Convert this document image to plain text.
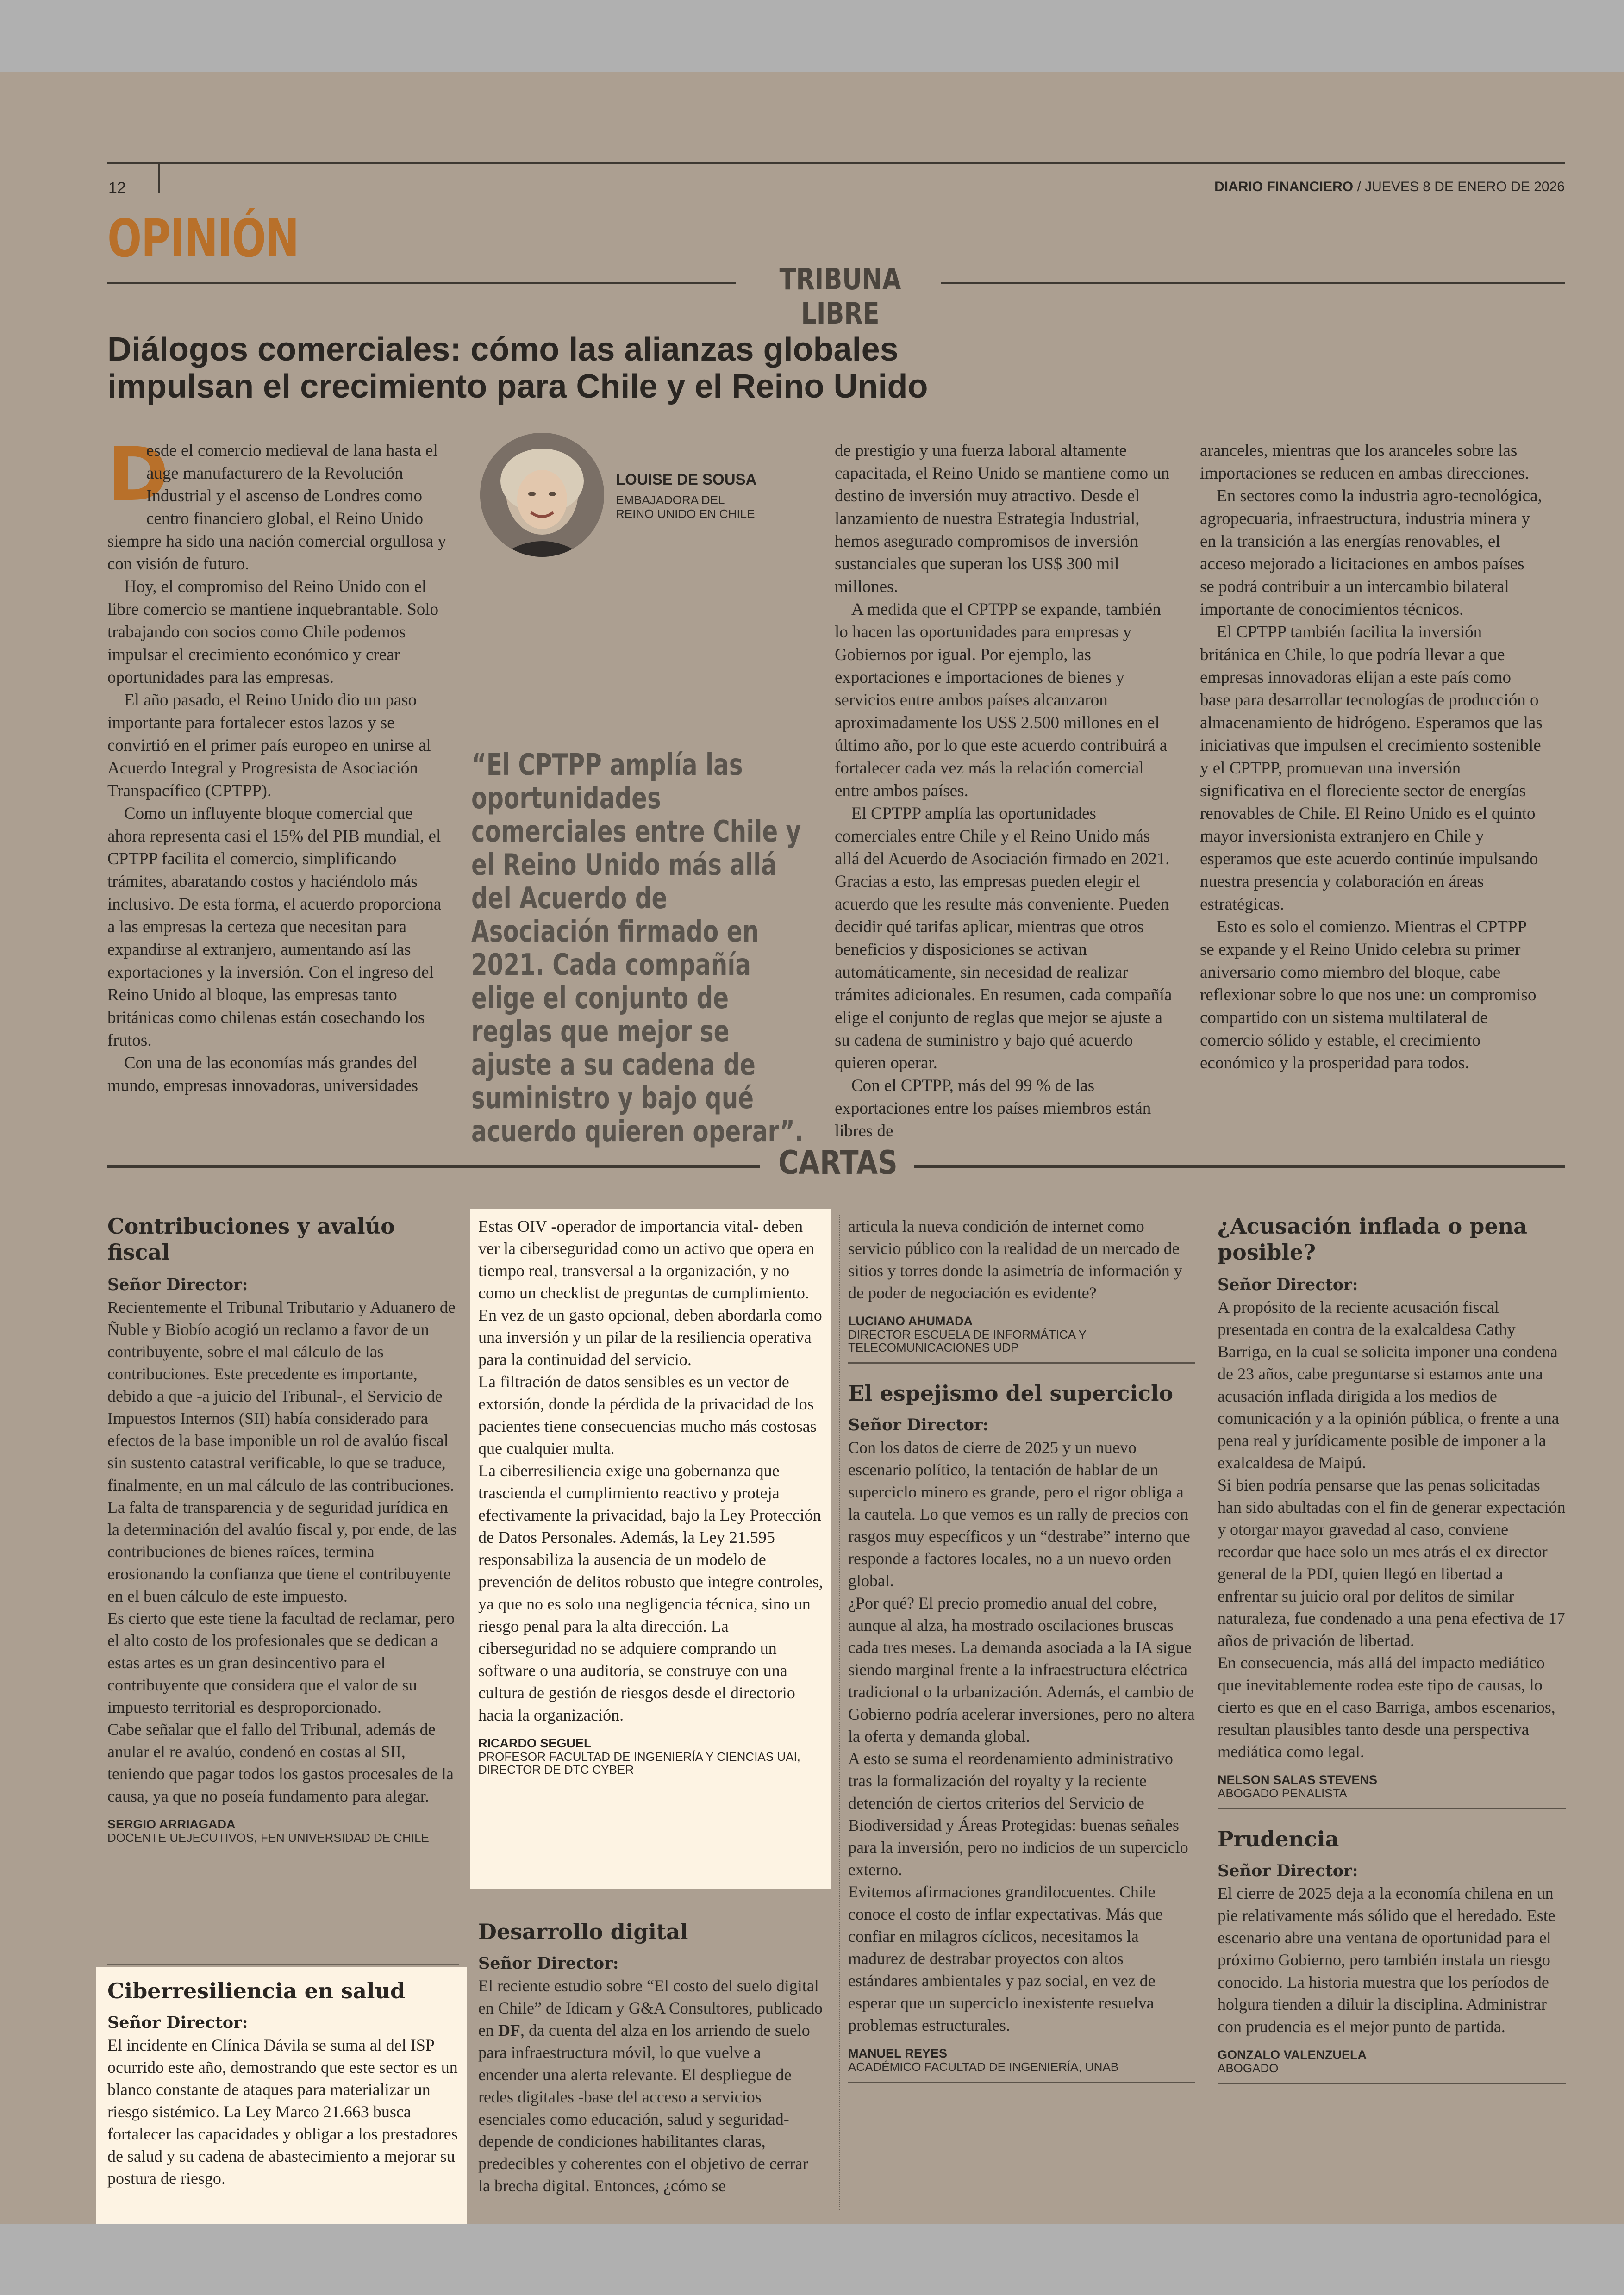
12	DIARIO FINANCIERO / JUEVES 8 DE ENERO DE 2026
OPINIÓN
TRIBUNA LIBRE
Diálogos comerciales: cómo las alianzas globales
impulsan el crecimiento para Chile y el Reino Unido

D
esde el comercio medieval de lana hasta el auge manufacturero de la Revolución Industrial y el ascenso de Londres como centro financiero global, el Reino Unido siempre ha sido una nación comercial orgullosa y con visión de futuro.

Hoy, el compromiso del Reino Unido con el libre comercio se mantiene inquebrantable. Solo trabajando con socios como Chile podemos impulsar el crecimiento económico y crear oportunidades para las empresas.

El año pasado, el Reino Unido dio un paso importante para fortalecer estos lazos y se convirtió en el primer país europeo en unirse al Acuerdo Integral y Progresista de Asociación Transpacífico (CPTPP).

Como un influyente bloque comercial que ahora representa casi el 15% del PIB mundial, el CPTPP facilita el comercio, simplificando trámites, abaratando costos y haciéndolo más inclusivo. De esta forma, el acuerdo proporciona a las empresas la certeza que necesitan para expandirse al extranjero, aumentando así las exportaciones y la inversión. Con el ingreso del Reino Unido al bloque, las empresas tanto británicas como chilenas están cosechando los frutos.

Con una de las economías más grandes del mundo, empresas innovadoras, universidades

LOUISE DE SOUSA
EMBAJADORA DEL
REINO UNIDO EN CHILE
“El CPTPP amplía las oportunidades comerciales entre Chile y el Reino Unido más allá del Acuerdo de Asociación firmado en 2021. Cada compañía elige el conjunto de reglas que mejor se ajuste a su cadena de suministro y bajo qué acuerdo quieren operar”.

de prestigio y una fuerza laboral altamente capacitada, el Reino Unido se mantiene como un destino de inversión muy atractivo. Desde el lanzamiento de nuestra Estrategia Industrial, hemos asegurado compromisos de inversión sustanciales que superan los US$ 300 mil millones.

A medida que el CPTPP se expande, también lo hacen las oportunidades para empresas y Gobiernos por igual. Por ejemplo, las exportaciones e importaciones de bienes y servicios entre ambos países alcanzaron aproximadamente los US$ 2.500 millones en el último año, por lo que este acuerdo contribuirá a fortalecer cada vez más la relación comercial entre ambos países.

El CPTPP amplía las oportunidades comerciales entre Chile y el Reino Unido más allá del Acuerdo de Asociación firmado en 2021. Gracias a esto, las empresas pueden elegir el acuerdo que les resulte más conveniente. Pueden decidir qué tarifas aplicar, mientras que otros beneficios y disposiciones se activan automáticamente, sin necesidad de realizar trámites adicionales. En resumen, cada compañía elige el conjunto de reglas que mejor se ajuste a su cadena de suministro y bajo qué acuerdo quieren operar.

Con el CPTPP, más del 99 % de las exportaciones entre los países miembros están libres de

aranceles, mientras que los aranceles sobre las importaciones se reducen en ambas direcciones.

En sectores como la industria agro-tecnológica, agropecuaria, infraestructura, industria minera y en la transición a las energías renovables, el acceso mejorado a licitaciones en ambos países se podrá contribuir a un intercambio bilateral importante de conocimientos técnicos.

El CPTPP también facilita la inversión británica en Chile, lo que podría llevar a que empresas innovadoras elijan a este país como base para desarrollar tecnologías de producción o almacenamiento de hidrógeno. Esperamos que las iniciativas que impulsen el crecimiento sostenible y el CPTPP, promuevan una inversión significativa en el floreciente sector de energías renovables de Chile. El Reino Unido es el quinto mayor inversionista extranjero en Chile y esperamos que este acuerdo continúe impulsando nuestra presencia y colaboración en áreas estratégicas.

Esto es solo el comienzo. Mientras el CPTPP se expande y el Reino Unido celebra su primer aniversario como miembro del bloque, cabe reflexionar sobre lo que nos une: un compromiso compartido con un sistema multilateral de comercio sólido y estable, el crecimiento económico y la prosperidad para todos.

CARTAS
Contribuciones y avalúo fiscal
Señor Director:

Recientemente el Tribunal Tributario y Aduanero de Ñuble y Biobío acogió un reclamo a favor de un contribuyente, sobre el mal cálculo de las contribuciones. Este precedente es importante, debido a que -a juicio del Tribunal-, el Servicio de Impuestos Internos (SII) había considerado para efectos de la base imponible un rol de avalúo fiscal sin sustento catastral verificable, lo que se traduce, finalmente, en un mal cálculo de las contribuciones.

La falta de transparencia y de seguridad jurídica en la determinación del avalúo fiscal y, por ende, de las contribuciones de bienes raíces, termina erosionando la confianza que tiene el contribuyente en el buen cálculo de este impuesto.

Es cierto que este tiene la facultad de reclamar, pero el alto costo de los profesionales que se dedican a estas artes es un gran desincentivo para el contribuyente que considera que el valor de su impuesto territorial es desproporcionado.

Cabe señalar que el fallo del Tribunal, además de anular el re avalúo, condenó en costas al SII, teniendo que pagar todos los gastos procesales de la causa, ya que no poseía fundamento para alegar.

SERGIO ARRIAGADA
DOCENTE UEJECUTIVOS, FEN UNIVERSIDAD DE CHILE
Ciberresiliencia en salud
Señor Director:
El incidente en Clínica Dávila se suma al del ISP ocurrido este año, demostrando que este sector es un blanco constante de ataques para materializar un riesgo sistémico. La Ley Marco 21.663 busca fortalecer las capacidades y obligar a los prestadores de salud y su cadena de abastecimiento a mejorar su postura de riesgo.

Estas OIV -operador de importancia vital- deben ver la ciberseguridad como un activo que opera en tiempo real, transversal a la organización, y no como un checklist de preguntas de cumplimiento. En vez de un gasto opcional, deben abordarla como una inversión y un pilar de la resiliencia operativa para la continuidad del servicio.

La filtración de datos sensibles es un vector de extorsión, donde la pérdida de la privacidad de los pacientes tiene consecuencias mucho más costosas que cualquier multa.

La ciberresiliencia exige una gobernanza que trascienda el cumplimiento reactivo y proteja efectivamente la privacidad, bajo la Ley Protección de Datos Personales. Además, la Ley 21.595 responsabiliza la ausencia de un modelo de prevención de delitos robusto que integre controles, ya que no es solo una negligencia técnica, sino un riesgo penal para la alta dirección. La ciberseguridad no se adquiere comprando un software o una auditoría, se construye con una cultura de gestión de riesgos desde el directorio hacia la organización.

RICARDO SEGUEL
PROFESOR FACULTAD DE INGENIERÍA Y CIENCIAS UAI,
DIRECTOR DE DTC CYBER
Desarrollo digital
Señor Director:
El reciente estudio sobre “El costo del suelo digital en Chile” de Idicam y G&A Consultores, publicado en DF, da cuenta del alza en los arriendo de suelo para infraestructura móvil, lo que vuelve a encender una alerta relevante. El despliegue de redes digitales -base del acceso a servicios esenciales como educación, salud y seguridad- depende de condiciones habilitantes claras, predecibles y coherentes con el objetivo de cerrar la brecha digital. Entonces, ¿cómo se
articula la nueva condición de internet como servicio público con la realidad de un mercado de sitios y torres donde la asimetría de información y de poder de negociación es evidente?
LUCIANO AHUMADA
DIRECTOR ESCUELA DE INFORMÁTICA Y
TELECOMUNICACIONES UDP
El espejismo del superciclo
Señor Director:

Con los datos de cierre de 2025 y un nuevo escenario político, la tentación de hablar de un superciclo minero es grande, pero el rigor obliga a la cautela. Lo que vemos es un rally de precios con rasgos muy específicos y un “destrabe” interno que responde a factores locales, no a un nuevo orden global.

¿Por qué? El precio promedio anual del cobre, aunque al alza, ha mostrado oscilaciones bruscas cada tres meses. La demanda asociada a la IA sigue siendo marginal frente a la infraestructura eléctrica tradicional o la urbanización. Además, el cambio de Gobierno podría acelerar inversiones, pero no altera la oferta y demanda global.

A esto se suma el reordenamiento administrativo tras la formalización del royalty y la reciente detención de ciertos criterios del Servicio de Biodiversidad y Áreas Protegidas: buenas señales para la inversión, pero no indicios de un superciclo externo.

Evitemos afirmaciones grandilocuentes. Chile conoce el costo de inflar expectativas. Más que confiar en milagros cíclicos, necesitamos la madurez de destrabar proyectos con altos estándares ambientales y paz social, en vez de esperar que un superciclo inexistente resuelva problemas estructurales.

MANUEL REYES
ACADÉMICO FACULTAD DE INGENIERÍA, UNAB
¿Acusación inflada o pena posible?
Señor Director:

A propósito de la reciente acusación fiscal presentada en contra de la exalcaldesa Cathy Barriga, en la cual se solicita imponer una condena de 23 años, cabe preguntarse si estamos ante una acusación inflada dirigida a los medios de comunicación y a la opinión pública, o frente a una pena real y jurídicamente posible de imponer a la exalcaldesa de Maipú.

Si bien podría pensarse que las penas solicitadas han sido abultadas con el fin de generar expectación y otorgar mayor gravedad al caso, conviene recordar que hace solo un mes atrás el ex director general de la PDI, quien llegó en libertad a enfrentar su juicio oral por delitos de similar naturaleza, fue condenado a una pena efectiva de 17 años de privación de libertad.

En consecuencia, más allá del impacto mediático que inevitablemente rodea este tipo de causas, lo cierto es que en el caso Barriga, ambos escenarios, resultan plausibles tanto desde una perspectiva mediática como legal.

NELSON SALAS STEVENS
ABOGADO PENALISTA
Prudencia
Señor Director:
El cierre de 2025 deja a la economía chilena en un pie relativamente más sólido que el heredado. Este escenario abre una ventana de oportunidad para el próximo Gobierno, pero también instala un riesgo conocido. La historia muestra que los períodos de holgura tienden a diluir la disciplina. Administrar con prudencia es el mejor punto de partida.
GONZALO VALENZUELA
ABOGADO
